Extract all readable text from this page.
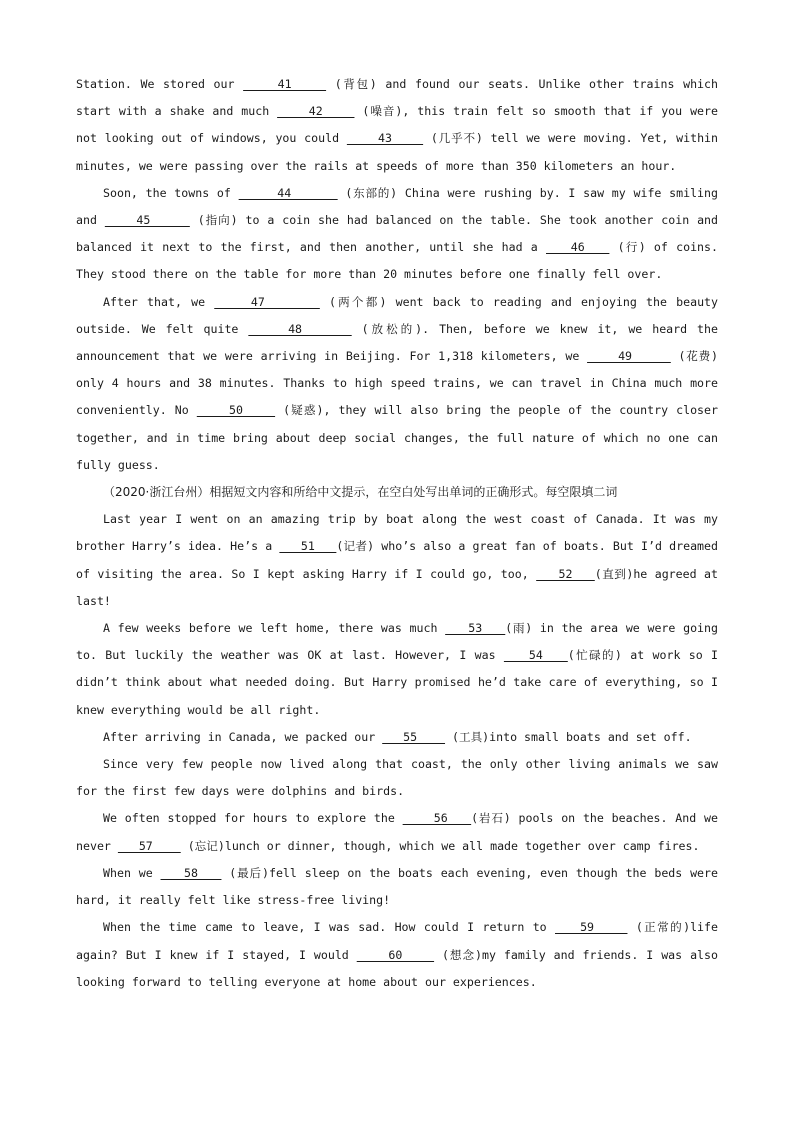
Station. We stored our     41     (背包) and found our seats. Unlike other trains which start with a shake and much     42     (噪音), this train felt so smooth that if you were not looking out of windows, you could     43     (几乎不) tell we were moving. Yet, within minutes, we were passing over the rails at speeds of more than 350 kilometers an hour.

Soon, the towns of      44       (东部的) China were rushing by. I saw my wife smiling and     45      (指向) to a coin she had balanced on the table. She took another coin and balanced it next to the first, and then another, until she had a    46    (行) of coins. They stood there on the table for more than 20 minutes before one finally fell over.

After that, we     47       (两个都) went back to reading and enjoying the beauty outside. We felt quite     48      (放松的). Then, before we knew it, we heard the announcement that we were arriving in Beijing. For 1,318 kilometers, we     49      (花费) only 4 hours and 38 minutes. Thanks to high speed trains, we can travel in China much more conveniently. No     50     (疑惑), they will also bring the people of the country closer together, and in time bring about deep social changes, the full nature of which no one can fully guess.

（2020·浙江台州）相据短文内容和所给中文提示，在空白处写出单词的正确形式。每空限填二词

Last year I went on an amazing trip by boat along the west coast of Canada. It was my brother Harry’s idea. He’s a    51   (记者) who’s also a great fan of boats. But I’d dreamed of visiting the area. So I kept asking Harry if I could go, too,    52   (直到)he agreed at last!

A few weeks before we left home, there was much    53   (雨) in the area we were going to. But luckily the weather was OK at last. However, I was    54   (忙碌的) at work so I didn’t think about what needed doing. But Harry promised he’d take care of everything, so I knew everything would be all right.

After arriving in Canada, we packed our    55     (工具)into small boats and set off.

Since very few people now lived along that coast, the only other living animals we saw for the first few days were dolphins and birds.

We often stopped for hours to explore the     56   (岩石) pools on the beaches. And we never    57     (忘记)lunch or dinner, though, which we all made together over camp fires.

When we    58    (最后)fell sleep on the boats each evening, even though the beds were hard, it really felt like stress-free living!

When the time came to leave, I was sad. How could I return to    59     (正常的)life again? But I knew if I stayed, I would     60     (想念)my family and friends. I was also looking forward to telling everyone at home about our experiences.
